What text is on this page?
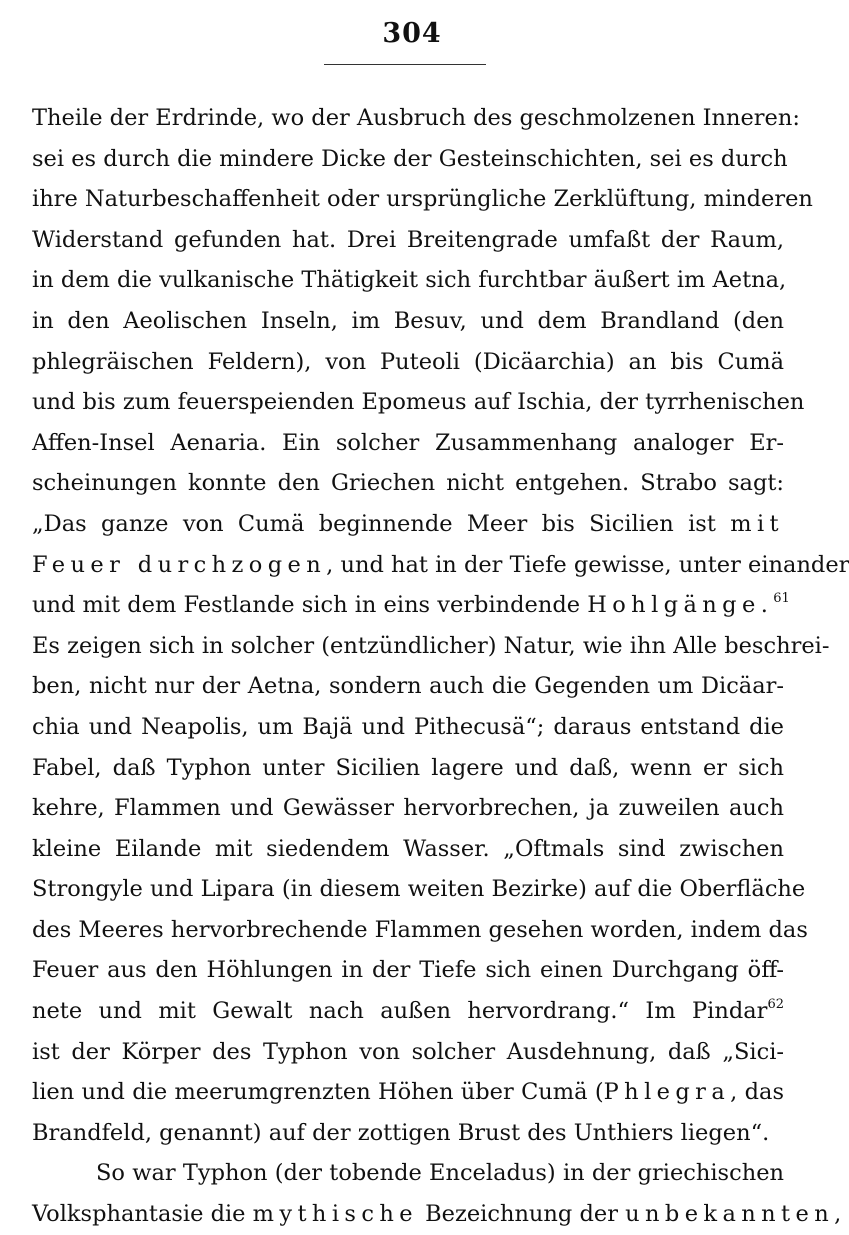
304
Theile der Erdrinde, wo der Ausbruch des geschmolzenen Inneren:
sei es durch die mindere Dicke der Gesteinschichten, sei es durch
ihre Naturbeschaffenheit oder ursprüngliche Zerklüftung, minderen
Widerstand gefunden hat. Drei Breitengrade umfaßt der Raum,
in dem die vulkanische Thätigkeit sich furchtbar äußert im Aetna,
in den Aeolischen Inseln, im Besuv, und dem Brandland (den
phlegräischen Feldern), von Puteoli (Dicäarchia) an bis Cumä
und bis zum feuerspeienden Epomeus auf Ischia, der tyrrhenischen
Affen-Insel Aenaria. Ein solcher Zusammenhang analoger Er-
scheinungen konnte den Griechen nicht entgehen. Strabo sagt:
„Das ganze von Cumä beginnende Meer bis Sicilien ist mit
Feuer durchzogen, und hat in der Tiefe gewisse, unter einander
und mit dem Festlande sich in eins verbindende Hohlgänge.$^{61}$
Es zeigen sich in solcher (entzündlicher) Natur, wie ihn Alle beschrei-
ben, nicht nur der Aetna, sondern auch die Gegenden um Dicäar-
chia und Neapolis, um Bajä und Pithecusä“; daraus entstand die
Fabel, daß Typhon unter Sicilien lagere und daß, wenn er sich
kehre, Flammen und Gewässer hervorbrechen, ja zuweilen auch
kleine Eilande mit siedendem Wasser. „Oftmals sind zwischen
Strongyle und Lipara (in diesem weiten Bezirke) auf die Oberfläche
des Meeres hervorbrechende Flammen gesehen worden, indem das
Feuer aus den Höhlungen in der Tiefe sich einen Durchgang öff-
nete und mit Gewalt nach außen hervordrang.“ Im Pindar$^{62}$
ist der Körper des Typhon von solcher Ausdehnung, daß „Sici-
lien und die meerumgrenzten Höhen über Cumä (Phlegra, das
Brandfeld, genannt) auf der zottigen Brust des Unthiers liegen“.
So war Typhon (der tobende Enceladus) in der griechischen
Volksphantasie die mythische Bezeichnung der unbekannten,
